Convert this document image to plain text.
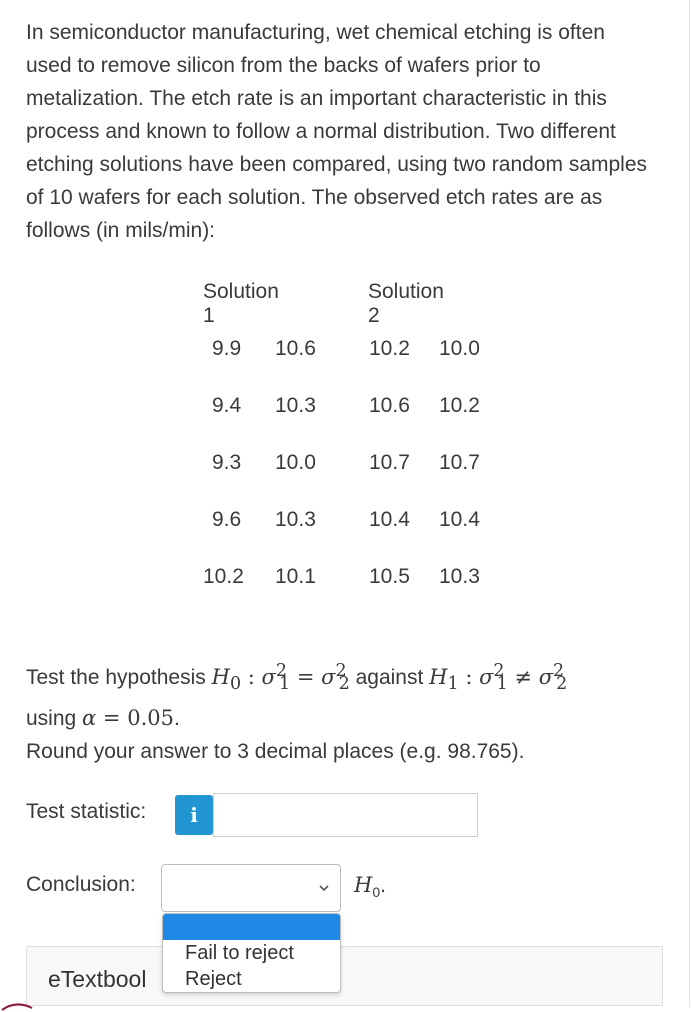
In semiconductor manufacturing, wet chemical etching is often used to remove silicon from the backs of wafers prior to metalization. The etch rate is an important characteristic in this process and known to follow a normal distribution. Two different etching solutions have been compared, using two random samples of 10 wafers for each solution. The observed etch rates are as follows (in mils/min):
Solution 1
Solution 2
9.9 10.6	10.2 10.0
9.4 10.3	10.6 10.2
9.3 10.0	10.7 10.7
9.6 10.3	10.4 10.4
10.2 10.1	10.5 10.3
Test the hypothesis $H_0$ : $\sigma^2_1 = \sigma^2_2$ against $H_1$ : $\sigma^2_1 \ne \sigma^2_2$
using α = 0.05.
Round your answer to 3 decimal places (e.g. 98.765).
Test statistic:	i
Conclusion:	$H_0$.
eTextbool
Fail to reject
Reject
